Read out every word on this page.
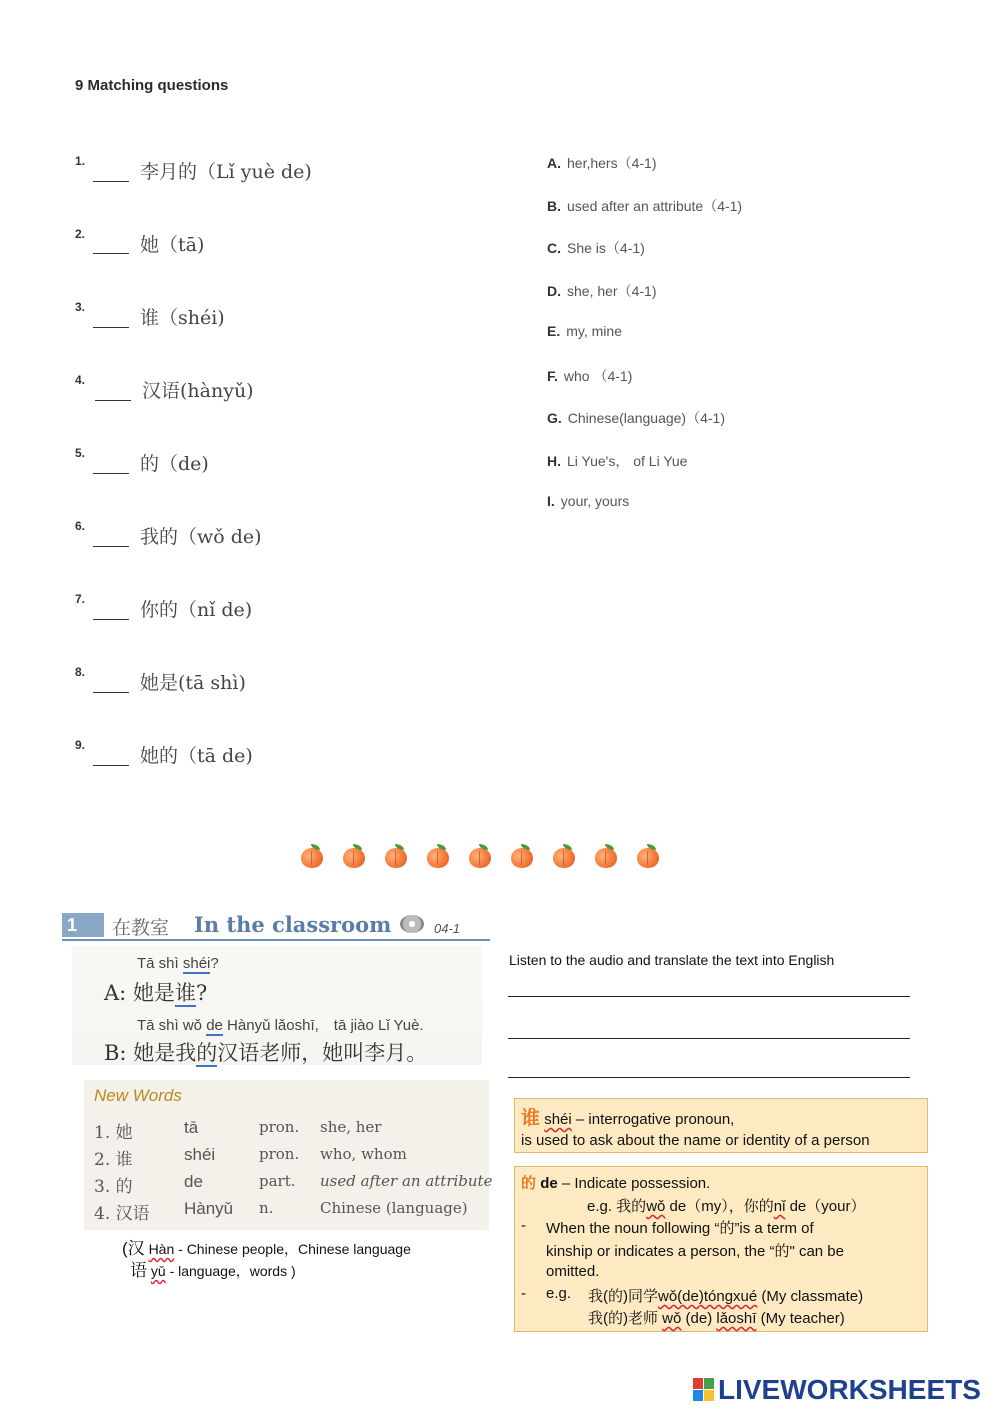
9 Matching questions
1.	李月的（Lǐ yuè de)
2.	她（tā)
3.	谁（shéi)
4.	汉语(hànyǔ)
5.	的（de)
6.	我的（wǒ de)
7.	你的（nǐ de)
8.	她是(tā shì)
9.	她的（tā de)
A. her,hers（4-1)
B. used after an attribute（4-1)
C. She is（4-1)
D. she, her（4-1)
E. my, mine
F. who （4-1)
G. Chinese(language)（4-1)
H. Li Yue's， of Li Yue
I. your, yours
1	在教室 In the classroom	04-1
Tā shì shéi?
A: 她是谁?
Tā shì wǒ de Hànyǔ lǎoshī,　tā jiào Lǐ Yuè.
B: 她是我的汉语老师，她叫李月。
New Words
1. 她	tā	pron. she, her
2. 谁	shéi	pron. who, whom
3. 的	de	part. used after an attribute
4. 汉语 Hànyǔ n.	Chinese (language)
(汉 Hàn - Chinese people，Chinese language
语 yǔ - language，words )
Listen to the audio and translate the text into English
谁 shéi – interrogative pronoun,
is used to ask about the name or identity of a person
的 de – Indicate possession.
e.g. 我的wǒ de（my），你的nǐ de（your）
- When the noun following “的”is a term of
kinship or indicates a person, the “的" can be
omitted.
- e.g. 我(的)同学wǒ(de)tóngxué (My classmate)
我(的)老师 wǒ (de) lǎoshī (My teacher)
LIVEWORKSHEETS
